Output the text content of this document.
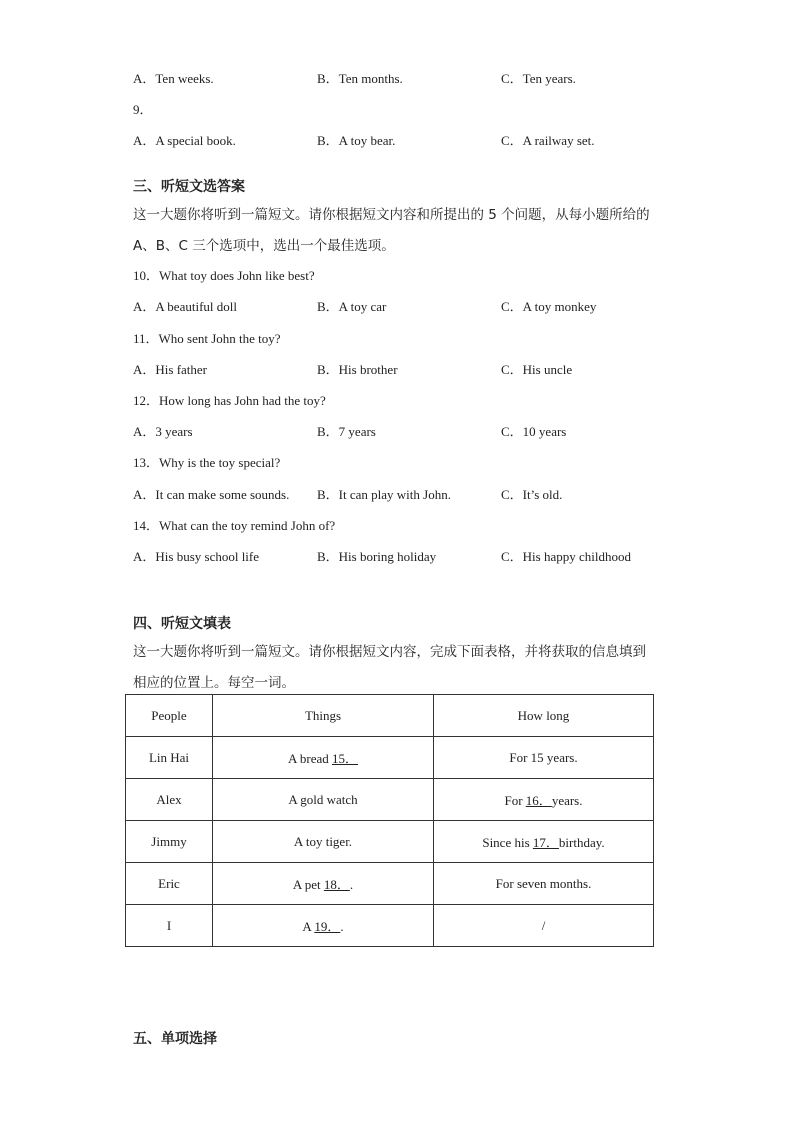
A．Ten weeks.	B．Ten months.	C．Ten years.
9．
A．A special book.	B．A toy bear.	C．A railway set.
三、听短文选答案
这一大题你将听到一篇短文。请你根据短文内容和所提出的 5 个问题，从每小题所给的
A、B、C 三个选项中，选出一个最佳选项。
10．What toy does John like best?
A．A beautiful doll	B．A toy car	C．A toy monkey
11．Who sent John the toy?
A．His father	B．His brother	C．His uncle
12．How long has John had the toy?
A．3 years	B．7 years	C．10 years
13．Why is the toy special?
A．It can make some sounds. B．It can play with John.	C．It’s old.
14．What can the toy remind John of?
A．His busy school life	B．His boring holiday	C．His happy childhood
四、听短文填表
这一大题你将听到一篇短文。请你根据短文内容，完成下面表格，并将获取的信息填到
相应的位置上。每空一词。
People	Things	How long
Lin Hai	A bread 15．	For 15 years.
Alex	A gold watch	For 16．years.
Jimmy	A toy tiger.	Since his 17．birthday.
Eric	A pet 18．.	For seven months.
I	A 19．.	/
五、单项选择
